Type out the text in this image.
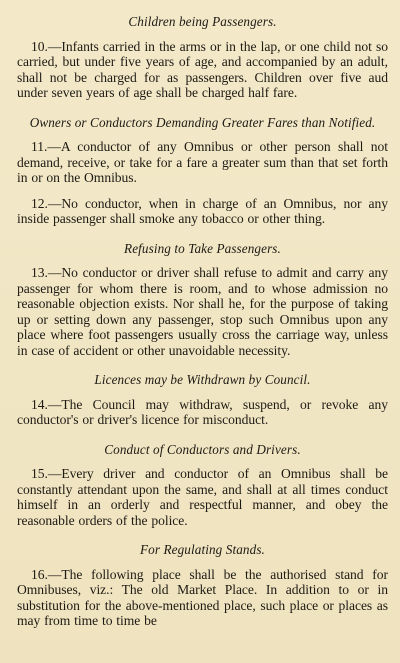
Children being Passengers.

10.—Infants carried in the arms or in the lap, or one child not so carried, but under five years of age, and accompanied by an adult, shall not be charged for as passengers. Children over five aud under seven years of age shall be charged half fare.

Owners or Conductors Demanding Greater Fares than Notified.

11.—A conductor of any Omnibus or other person shall not demand, receive, or take for a fare a greater sum than that set forth in or on the Omnibus.

12.—No conductor, when in charge of an Omnibus, nor any inside passenger shall smoke any tobacco or other thing.

Refusing to Take Passengers.

13.—No conductor or driver shall refuse to admit and carry any passenger for whom there is room, and to whose admission no reasonable objection exists. Nor shall he, for the purpose of taking up or setting down any passenger, stop such Omnibus upon any place where foot passengers usually cross the carriage way, unless in case of accident or other unavoidable necessity.

Licences may be Withdrawn by Council.

14.—The Council may withdraw, suspend, or revoke any conductor's or driver's licence for misconduct.

Conduct of Conductors and Drivers.

15.—Every driver and conductor of an Omnibus shall be constantly attendant upon the same, and shall at all times conduct himself in an orderly and respectful manner, and obey the reasonable orders of the police.

For Regulating Stands.

16.—The following place shall be the authorised stand for Omnibuses, viz.: The old Market Place. In addition to or in substitution for the above-mentioned place, such place or places as may from time to time be
